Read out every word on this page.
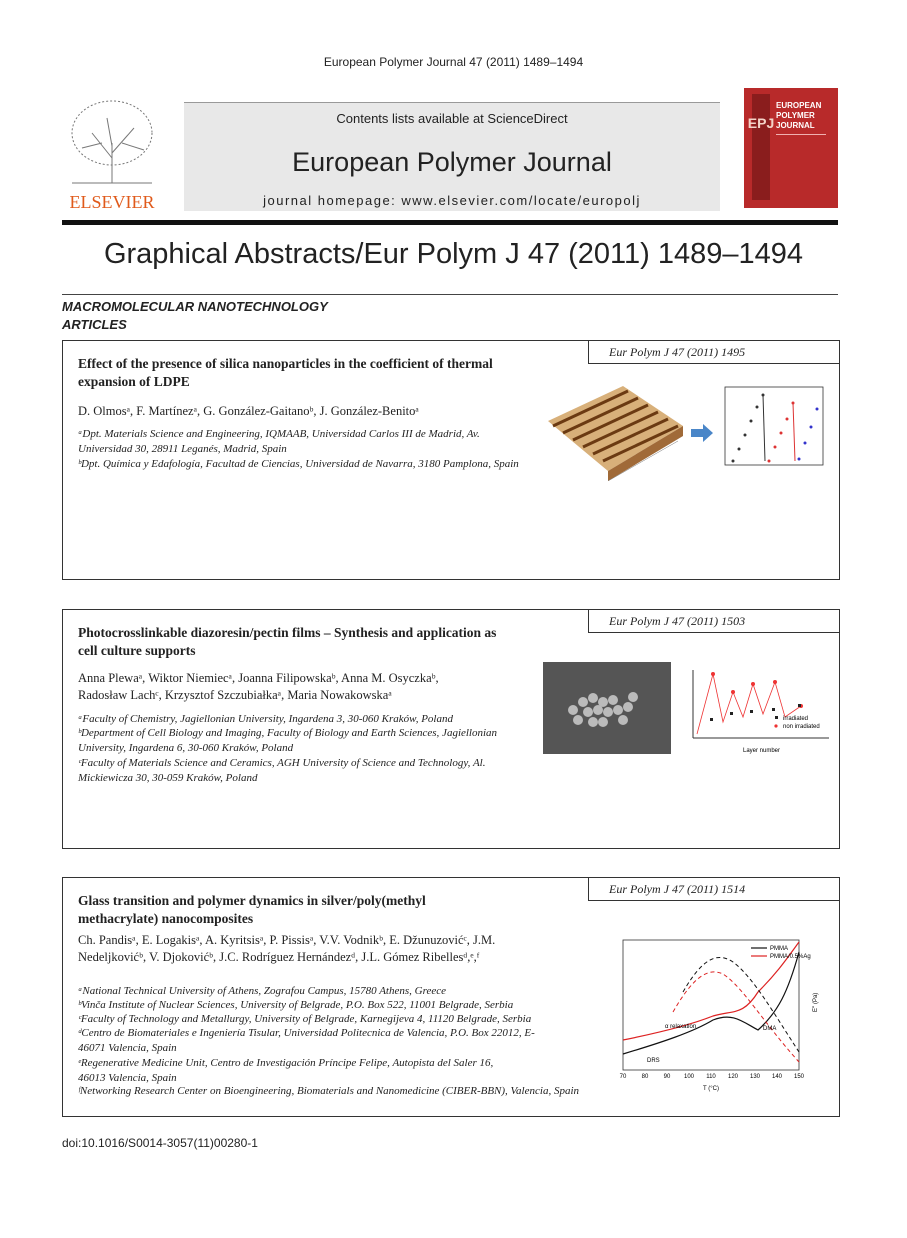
European Polymer Journal 47 (2011) 1489–1494
ELSEVIER
Contents lists available at ScienceDirect
European Polymer Journal
journal homepage: www.elsevier.com/locate/europolj
EPJ
EUROPEAN
POLYMER
JOURNAL
Graphical Abstracts/Eur Polym J 47 (2011) 1489–1494
MACROMOLECULAR NANOTECHNOLOGY
ARTICLES
Eur Polym J 47 (2011) 1495
Effect of the presence of silica nanoparticles in the coefficient of thermal expansion of LDPE
D. Olmosᵃ, F. Martínezᵃ, G. González-Gaitanoᵇ, J. González-Benitoᵃ
ᵃDpt. Materials Science and Engineering, IQMAAB, Universidad Carlos III de Madrid, Av. Universidad 30, 28911 Leganés, Madrid, Spain
ᵇDpt. Química y Edafología, Facultad de Ciencias, Universidad de Navarra, 3180 Pamplona, Spain
Eur Polym J 47 (2011) 1503
Photocrosslinkable diazoresin/pectin films – Synthesis and application as cell culture supports
Anna Plewaᵃ, Wiktor Niemiecᵃ, Joanna Filipowskaᵇ, Anna M. Osyczkaᵇ, Radosław Lachᶜ, Krzysztof Szczubiałkaᵃ, Maria Nowakowskaᵃ
ᵃFaculty of Chemistry, Jagiellonian University, Ingardena 3, 30-060 Kraków, Poland
ᵇDepartment of Cell Biology and Imaging, Faculty of Biology and Earth Sciences, Jagiellonian University, Ingardena 6, 30-060 Kraków, Poland
ᶜFaculty of Materials Science and Ceramics, AGH University of Science and Technology, Al. Mickiewicza 30, 30-059 Kraków, Poland
irradiated
non irradiated
Layer number
Eur Polym J 47 (2011) 1514
Glass transition and polymer dynamics in silver/poly(methyl methacrylate) nanocomposites
Ch. Pandisᵃ, E. Logakisᵃ, A. Kyritsisᵃ, P. Pissisᵃ, V.V. Vodnikᵇ, E. Džunuzovićᶜ, J.M. Nedeljkovićᵇ, V. Djokovićᵇ, J.C. Rodríguez Hernándezᵈ, J.L. Gómez Ribellesᵈ,ᵉ,ᶠ
ᵃNational Technical University of Athens, Zografou Campus, 15780 Athens, Greece
ᵇVinča Institute of Nuclear Sciences, University of Belgrade, P.O. Box 522, 11001 Belgrade, Serbia
ᶜFaculty of Technology and Metallurgy, University of Belgrade, Karnegijeva 4, 11120 Belgrade, Serbia
ᵈCentro de Biomateriales e Ingeniería Tisular, Universidad Politecnica de Valencia, P.O. Box 22012, E-46071 Valencia, Spain
ᵉRegenerative Medicine Unit, Centro de Investigación Príncipe Felipe, Autopista del Saler 16, 46013 Valencia, Spain
ᶠNetworking Research Center on Bioengineering, Biomaterials and Nanomedicine (CIBER-BBN), Valencia, Spain
PMMA
PMMA/0.5%Ag
α relaxation	DMA
DRS
70	80	90 100 110 120 130 140 150
T (°C)
E'' (Pa)
doi:10.1016/S0014-3057(11)00280-1
